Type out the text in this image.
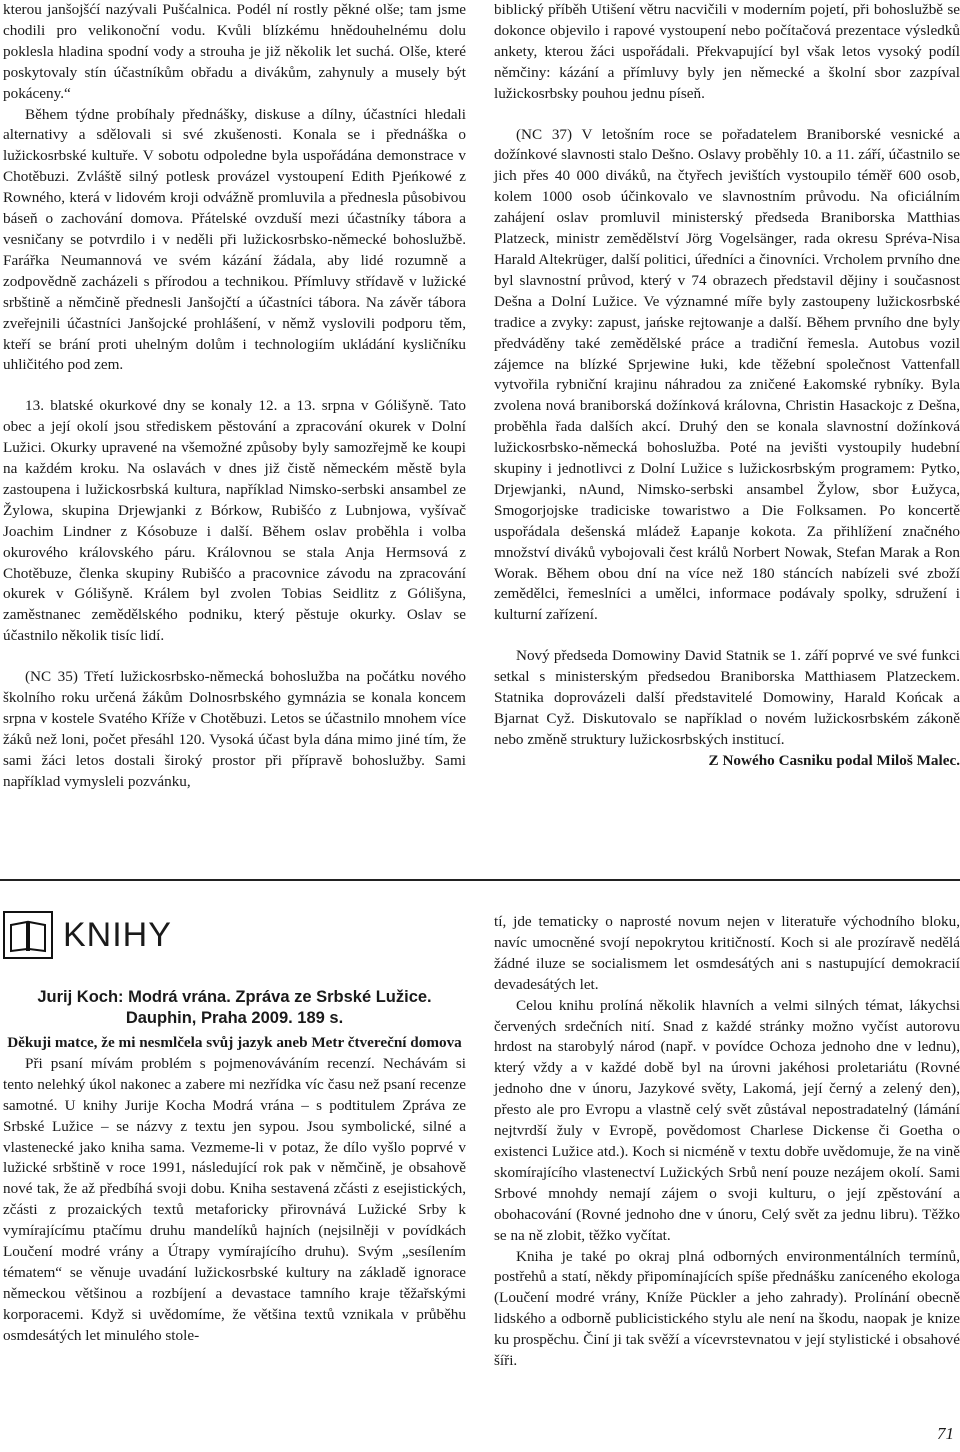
kterou janšojšćí nazývali Pušćalnica. Podél ní rostly pěkné olše; tam jsme chodili pro velikonoční vodu. Kvůli blízkému hnědouhelnému dolu poklesla hladina spodní vody a strouha je již několik let suchá. Olše, které poskytovaly stín účastníkům obřadu a divákům, zahynuly a musely být pokáceny.“

Během týdne probíhaly přednášky, diskuse a dílny, účastníci hledali alternativy a sdělovali si své zkušenosti. Konala se i přednáška o lužickosrbské kultuře. V sobotu odpoledne byla uspořádána demonstrace v Chotěbuzi. Zvláště silný potlesk provázel vystoupení Edith Pjeńkowé z Rowného, která v lidovém kroji odvážně promluvila a přednesla působivou báseň o zachování domova. Přátelské ovzduší mezi účastníky tábora a vesničany se potvrdilo i v neděli při lužickosrbsko-německé bohoslužbě. Farářka Neumannová ve svém kázání žádala, aby lidé rozumně a zodpovědně zacházeli s přírodou a technikou. Přímluvy střídavě v lužické srbštině a němčině přednesli Janšojčtí a účastníci tábora. Na závěr tábora zveřejnili účastníci Janšojcké prohlášení, v němž vyslovili podporu těm, kteří se brání proti uhelným dolům i technologiím ukládání kysličníku uhličitého pod zem.

13. blatské okurkové dny se konaly 12. a 13. srpna v Gólišyně. Tato obec a její okolí jsou střediskem pěstování a zpracování okurek v Dolní Lužici. Okurky upravené na všemožné způsoby byly samozřejmě ke koupi na každém kroku. Na oslavách v dnes již čistě německém městě byla zastoupena i lužickosrbská kultura, například Nimsko-serbski ansambel ze Žylowa, skupina Drjewjanki z Bórkow, Rubišćo z Lubnjowa, vyšívač Joachim Lindner z Kósobuze i další. Během oslav proběhla i volba okurového královského páru. Královnou se stala Anja Hermsová z Chotěbuze, členka skupiny Rubišćo a pracovnice závodu na zpracování okurek v Gólišyně. Králem byl zvolen Tobias Seidlitz z Gólišyna, zaměstnanec zemědělského podniku, který pěstuje okurky. Oslav se účastnilo několik tisíc lidí.

(NC 35) Třetí lužickosrbsko-německá bohoslužba na počátku nového školního roku určená žákům Dolnosrbského gymnázia se konala koncem srpna v kostele Svatého Kříže v Chotěbuzi. Letos se účastnilo mnohem více žáků než loni, počet přesáhl 120. Vysoká účast byla dána mimo jiné tím, že sami žáci letos dostali široký prostor při přípravě bohoslužby. Sami například vymysleli pozvánku,

biblický příběh Utišení větru nacvičili v moderním pojetí, při bohoslužbě se dokonce objevilo i rapové vystoupení nebo počítačová prezentace výsledků ankety, kterou žáci uspořádali. Překvapující byl však letos vysoký podíl němčiny: kázání a přímluvy byly jen německé a školní sbor zazpíval lužickosrbsky pouhou jednu píseň.

(NC 37) V letošním roce se pořadatelem Braniborské vesnické a dožínkové slavnosti stalo Dešno. Oslavy proběhly 10. a 11. září, účastnilo se jich přes 40 000 diváků, na čtyřech jevištích vystoupilo téměř 600 osob, kolem 1000 osob účinkovalo ve slavnostním průvodu. Na oficiálním zahájení oslav promluvil ministerský předseda Braniborska Matthias Platzeck, ministr zemědělství Jörg Vogelsänger, rada okresu Spréva-Nisa Harald Altekrüger, další politici, úředníci a činovníci. Vrcholem prvního dne byl slavnostní průvod, který v 74 obrazech představil dějiny i současnost Dešna a Dolní Lužice. Ve významné míře byly zastoupeny lužickosrbské tradice a zvyky: zapust, jańske rejtowanje a další. Během prvního dne byly předváděny také zemědělské práce a tradiční řemesla. Autobus vozil zájemce na blízké Sprjewine łuki, kde těžební společnost Vattenfall vytvořila rybniční krajinu náhradou za zničené Łakomské rybníky. Byla zvolena nová braniborská dožínková královna, Christin Hasackojc z Dešna, proběhla řada dalších akcí. Druhý den se konala slavnostní dožínková lužickosrbsko-německá bohoslužba. Poté na jevišti vystoupily hudební skupiny i jednotlivci z Dolní Lužice s lužickosrbským programem: Pytko, Drjewjanki, nAund, Nimsko-serbski ansambel Žylow, sbor Łužyca, Smogorjojske tradiciske towaristwo a Die Folksamen. Po koncertě uspořádala dešenská mládež Łapanje kokota. Za přihlížení značného množství diváků vybojovali čest králů Norbert Nowak, Stefan Marak a Ron Worak. Během obou dní na více než 180 stáncích nabízeli své zboží zemědělci, řemeslníci a umělci, informace podávaly spolky, sdružení i kulturní zařízení.

Nový předseda Domowiny David Statnik se 1. září poprvé ve své funkci setkal s ministerským předsedou Braniborska Matthiasem Platzeckem. Statnika doprovázeli další představitelé Domowiny, Harald Końcak a Bjarnat Cyž. Diskutovalo se například o novém lužickosrbském zákoně nebo změně struktury lužickosrbských institucí.

Z Nowého Casniku podal Miloš Malec.

KNIHY
Jurij Koch: Modrá vrána. Zpráva ze Srbské Lužice.
Dauphin, Praha 2009. 189 s.

Děkuji matce, že mi nesmlčela svůj jazyk aneb Metr čtvereční domova

Při psaní mívám problém s pojmenováváním recenzí. Nechávám si tento nelehký úkol nakonec a zabere mi nezřídka víc času než psaní recenze samotné. U knihy Jurije Kocha Modrá vrána – s podtitulem Zpráva ze Srbské Lužice – se názvy z textu jen sypou. Jsou symbolické, silné a vlastenecké jako kniha sama. Vezmeme-li v potaz, že dílo vyšlo poprvé v lužické srbštině v roce 1991, následující rok pak v němčině, je obsahově nové tak, že až předbíhá svoji dobu. Kniha sestavená zčásti z esejistických, zčásti z prozaických textů metaforicky přirovnává Lužické Srby k vymírajícímu ptačímu druhu mandelíků hajních (nejsilněji v povídkách Loučení modré vrány a Útrapy vymírajícího druhu). Svým „sesílením tématem“ se věnuje uvadání lužickosrbské kultury na základě ignorace německou většinou a rozbíjení a devastace tamního kraje těžařskými korporacemi. Když si uvědomíme, že většina textů vznikala v průběhu osmdesátých let minulého stole-

tí, jde tematicky o naprosté novum nejen v literatuře východního bloku, navíc umocněné svojí nepokrytou kritičností. Koch si ale prozíravě nedělá žádné iluze se socialismem let osmdesátých ani s nastupující demokracií devadesátých let.

Celou knihu prolíná několik hlavních a velmi silných témat, lákychsi červených srdečních nití. Snad z každé stránky možno vyčíst autorovu hrdost na starobylý národ (např. v povídce Ochoza jednoho dne v lednu), který vždy a v každé době byl na úrovni jakéhosi proletariátu (Rovné jednoho dne v únoru, Jazykové světy, Lakomá, její černý a zelený den), přesto ale pro Evropu a vlastně celý svět zůstával nepostradatelný (lámání nejtvrdší žuly v Evropě, povědomost Charlese Dickense či Goetha o existenci Lužice atd.). Koch si nicméně v textu dobře uvědomuje, že na vině skomírajícího vlastenectví Lužických Srbů není pouze nezájem okolí. Sami Srbové mnohdy nemají zájem o svoji kulturu, o její zpěstování a obohacování (Rovné jednoho dne v únoru, Celý svět za jednu libru). Těžko se na ně zlobit, těžko vyčítat.

Kniha je také po okraj plná odborných environmentálních termínů, postřehů a statí, někdy připomínajících spíše přednášku zaníceného ekologa (Loučení modré vrány, Kníže Pückler a jeho zahrady). Prolínání obecně lidského a odborně publicistického stylu ale není na škodu, naopak je knize ku prospěchu. Činí ji tak svěží a vícevrstevnatou v její stylistické i obsahové šíři.

71
